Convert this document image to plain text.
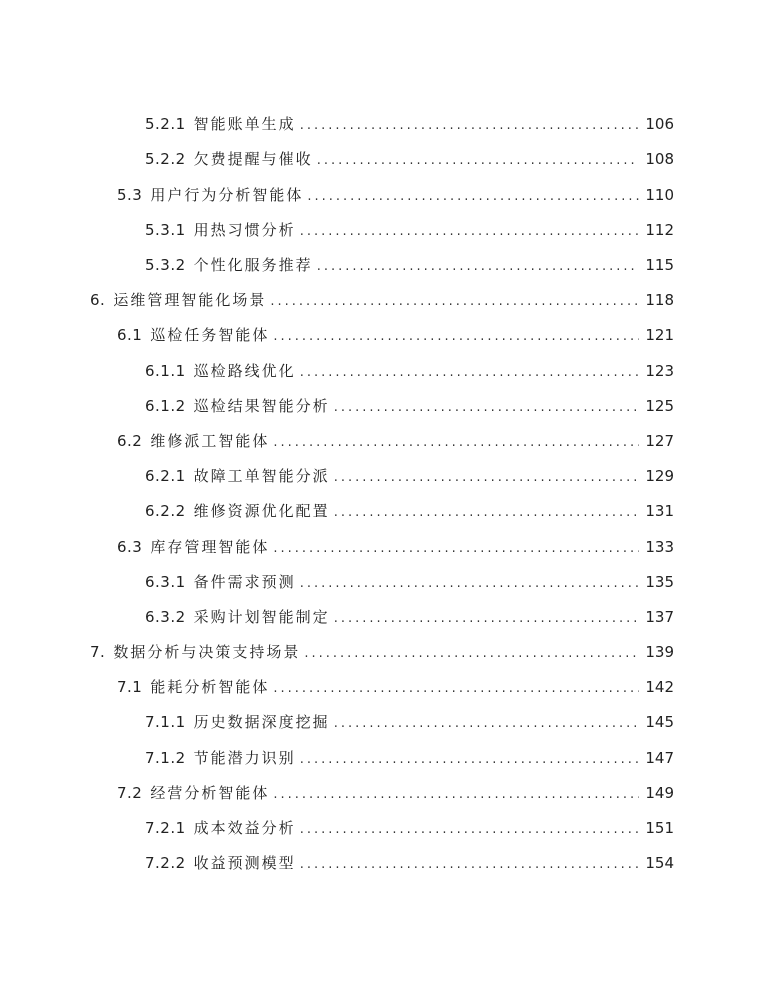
5.2.1 智能账单生成 .....	106
5.2.2 欠费提醒与催收 .....	108
5.3 用户行为分析智能体 .....	110
5.3.1 用热习惯分析 .....	112
5.3.2 个性化服务推荐 .....	115
6. 运维管理智能化场景 .....	118
6.1 巡检任务智能体 .....	121
6.1.1 巡检路线优化 .....	123
6.1.2 巡检结果智能分析 .....	125
6.2 维修派工智能体 .....	127
6.2.1 故障工单智能分派 .....	129
6.2.2 维修资源优化配置 .....	131
6.3 库存管理智能体 .....	133
6.3.1 备件需求预测 .....	135
6.3.2 采购计划智能制定 .....	137
7. 数据分析与决策支持场景 .....	139
7.1 能耗分析智能体 .....	142
7.1.1 历史数据深度挖掘 .....	145
7.1.2 节能潜力识别 .....	147
7.2 经营分析智能体 .....	149
7.2.1 成本效益分析 .....	151
7.2.2 收益预测模型 .....	154
